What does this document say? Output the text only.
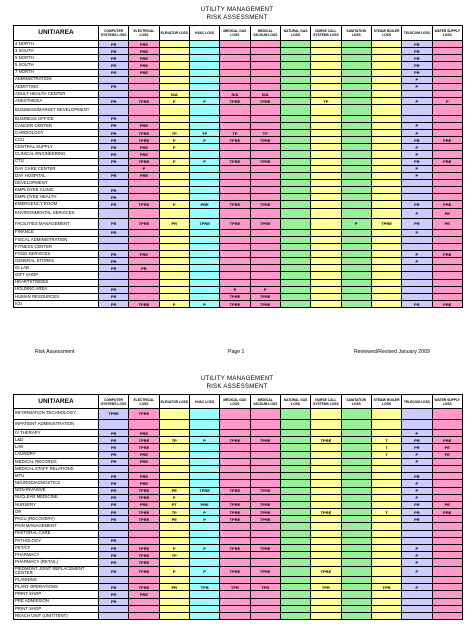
UTILITY MANAGEMENT
RISK ASSESSMENT
UNIT/AREA	COMPUTER SYSTEMS LOSS	ELECTRICAL LOSS	ELEVATOR LOSS	HVAC LOSS	MEDICAL GAS LOSS	MEDICAL VACUUM LOSS	NATURAL GAS LOSS	NURSE CALL SYSTEMS LOSS	SANITATION LOSS	STEAM/ BOILER LOSS	TELECOM LOSS	WATER SUPPLY LOSS
3 NORTH	PR	PRE									PR	
3 SOUTH	PR	PRE									PR	
5 NORTH	PR	PRE									PR	
5 SOUTH	PR	PRE									PR	
7 NORTH	PR	PRE									PR	
ADMINISTRATION											P	
ADMITTING	PR										P	
ADULT HEALTH CENTER			N/A		N/A	N/A						
ANESTHESIA	PR	TPRE	P	P	TPRE	TPRE		TP			P	P
BUSINESS/MARKET DEVELOPMENT												
BUSINESS OFFICE	PR											
CANCER CENTER	PR	PRE									P	
CARDIOLOGY	PR	TPRE	TP	TP	TP	TP					P	
CCU	PR	TPRE	P	P	TPRE	TPRE					PR	PRE
CENTRAL SUPPLY	PR	PRE	P								P	
CLINICAL ENGINEERING	PR	PRE									P	
CTU	PR	TPRE	P	P	TPRE	TPRE					PR	PRE
DAY CARE CENTER		P									P	
DAY HOSPITAL	PR	PRE									P	
DEVELOPMENT												
EMPLOYEE CLINIC	PR											
EMPLOYEE HEALTH	PR											
EMERGENCY ROOM	PR	TPRE	P	PRE	TPRE	TPRE					PR	PRE
ENVIRONMENTAL SERVICES											P	PE
FACILITIES MANAGEMENT	PR	TPRE	PR	TPRE	TPRE	TPRE			P	TPRE	PR	PE
FINANCE	PR										P	
FISCAL ADMINISTRATION												
FITNESS CENTER												
FOOD SERVICES	PR	PRE									P	PRE
GENERAL STORES	PR										P	
GI LAB	PR	PR										
GIFT SHOP												
HEARTSTRIDES												
HOLDING AREA	PR				P	P						
HUMAN RESOURCES	PR				TPRE	TPRE						
ICU	PR	TPRE	P	P	TPRE	TPRE					PR	PRE
Risk Assessment	Page 1	Reviewed/Revised January 2009
UTILITY MANAGEMENT
RISK ASSESSMENT
UNIT/AREA	COMPUTER SYSTEMS LOSS	ELECTRICAL LOSS	ELEVATOR LOSS	HVAC LOSS	MEDICAL GAS LOSS	MEDICAL VACUUM LOSS	NATURAL GAS LOSS	NURSE CALL SYSTEMS LOSS	SANITATION LOSS	STEAM/ BOILER LOSS	TELECOM LOSS	WATER SUPPLY LOSS
INFORMATION TECHNOLOGY	TPRE	TPRE										
INPATIENT ADMINISTRATION												
IV THERAPY	PR	PRE									P	
L&D	PR	TPRE	TP	P	TPRE	TPRE		TPRE		T	PR	PRE
LAB	PR	TPRE								T	PR	PE
LAUNDRY	PR	PRE								T	P	PE
MEDICAL RECORDS	PR	PRE									P	
MEDICAL STAFF RELATIONS												
MTU	PR	PRE									PR	
NEURODIAGNOSTICS	PR	PRE									P	
NON-INVASIVE	PR	TPRE	PE	TPRE	TPRE	TPRE					P	
NUCLEAR MEDICINE	PR	TPRE	P								P	
NURSERY	PR	PRE	PT	PRE	TPRE	TPRE					PR	PE
OR	PR	TPRE	TP	P	TPRE	TPRE		TPRE		T	PR	PRE
PACU (RECOVERY)	PR	TPRE	PE	P	TPRE	TPRE					PR	
PAIN MANAGEMENT												
PASTORAL CARE												
PATHOLOGY	PR											
PET/CT	PR	TPRE	P	P	TPRE	TPRE					P	
PHARMACY	PR	TPRE	TP								P	
PHARMACY (RETAIL)	PR	TPRE									P	
PIEDMONT JOINT REPLACEMENT CENTER	PR	TPRE	P	P	TPRE	TPRE		TPRE			P	
PLANNING												
PLANT OPERATIONS	PR	TPRE	PR	TPR	TPR	TPR		TPR		TPR	P	
PRINT SHOP	PR	PRE										
PRE ADMISSION	PR											
PRINT SHOP												
REACH UNIT (UNIT/TENT)												
